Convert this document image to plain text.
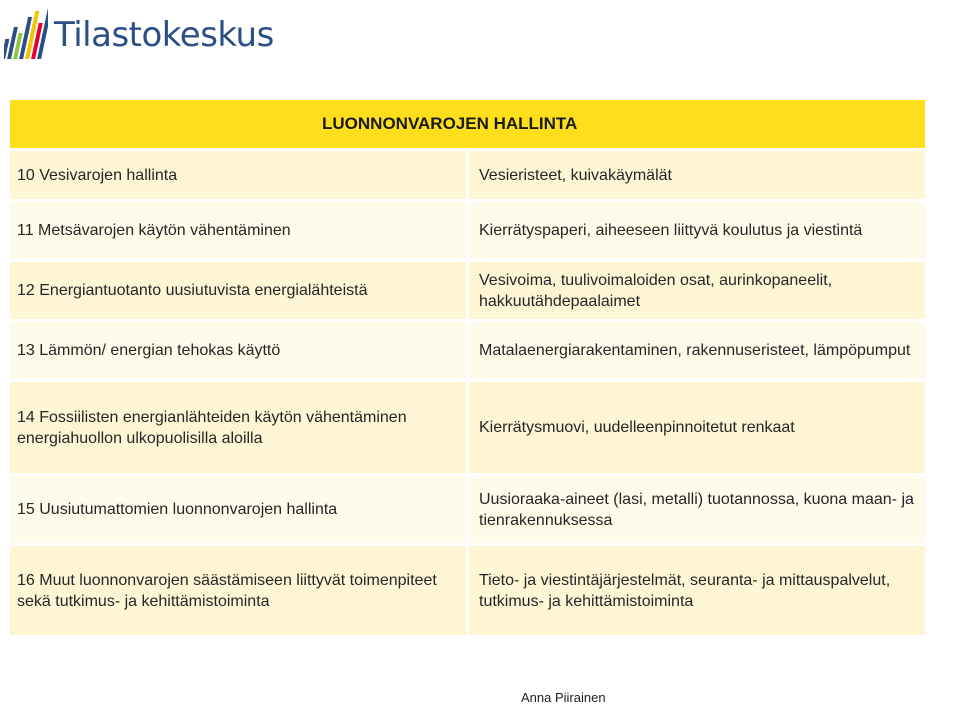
Tilastokeskus
LUONNONVAROJEN HALLINTA	
10 Vesivarojen hallinta	Vesieristeet, kuivakäymälät
11 Metsävarojen käytön vähentäminen	Kierrätyspaperi, aiheeseen liittyvä koulutus ja viestintä
12 Energiantuotanto uusiutuvista energialähteistä	Vesivoima, tuulivoimaloiden osat, aurinkopaneelit, hakkuutähdepaalaimet
13 Lämmön/ energian tehokas käyttö	Matalaenergiarakentaminen, rakennuseristeet, lämpöpumput
14 Fossiilisten energianlähteiden käytön vähentäminen energiahuollon ulkopuolisilla aloilla	Kierrätysmuovi, uudelleenpinnoitetut renkaat
15 Uusiutumattomien luonnonvarojen hallinta	Uusioraaka-aineet (lasi, metalli) tuotannossa, kuona maan- ja tienrakennuksessa
16 Muut luonnonvarojen säästämiseen liittyvät toimenpiteet sekä tutkimus- ja kehittämistoiminta	Tieto- ja viestintäjärjestelmät, seuranta- ja mittauspalvelut, tutkimus- ja kehittämistoiminta
Anna Piirainen
